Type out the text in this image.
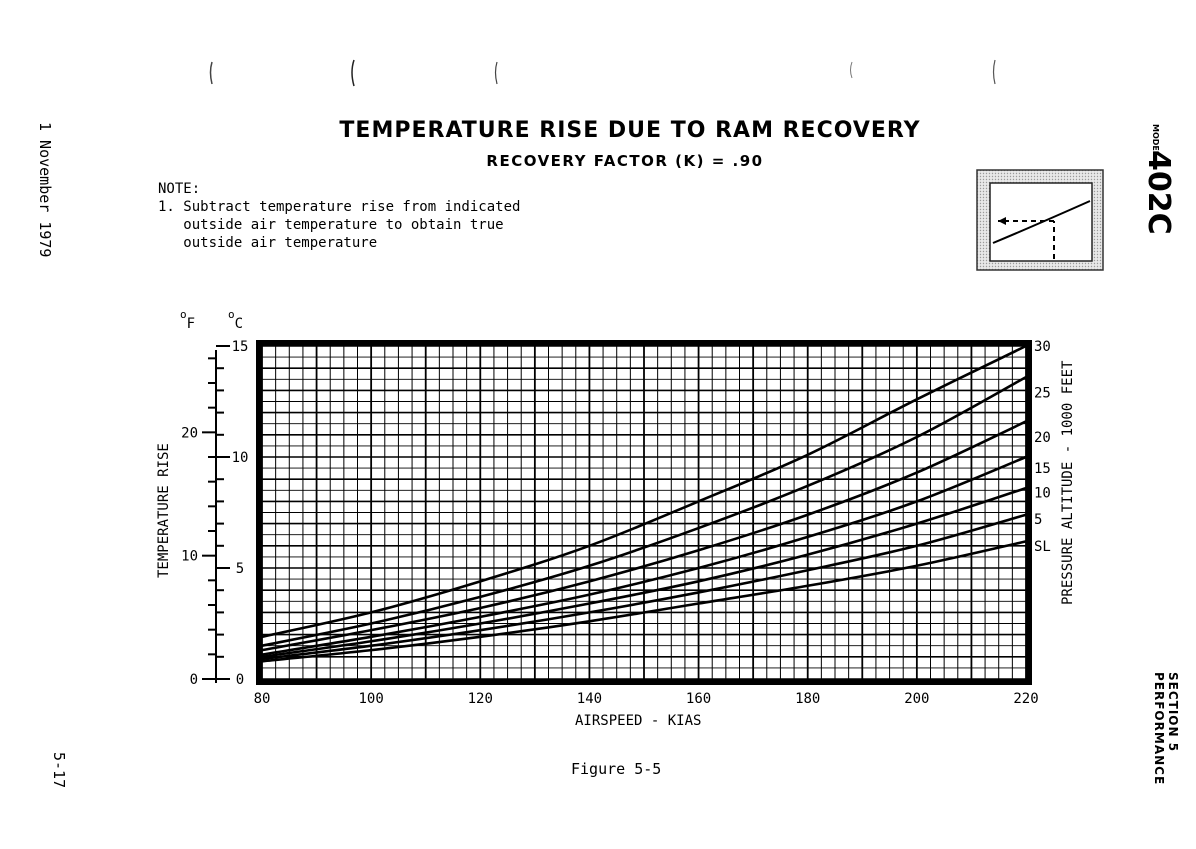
TEMPERATURE RISE DUE TO RAM RECOVERY
RECOVERY FACTOR (K) = .90
NOTE:
1. Subtract temperature rise from indicated
outside air temperature to obtain true
outside air temperature
1 November 1979
5-17
MODEL
402C
SECTION 5
PERFORMANCE
Figure 5-5
80	100	120	140	160	180	200	220
30
25
20
15
10
5
SL
0
5
10
15
0
10
20
AIRSPEED - KIAS
TEMPERATURE RISE	PRESSURE ALTITUDE - 1000 FEET
$^o$F
$^o$C
